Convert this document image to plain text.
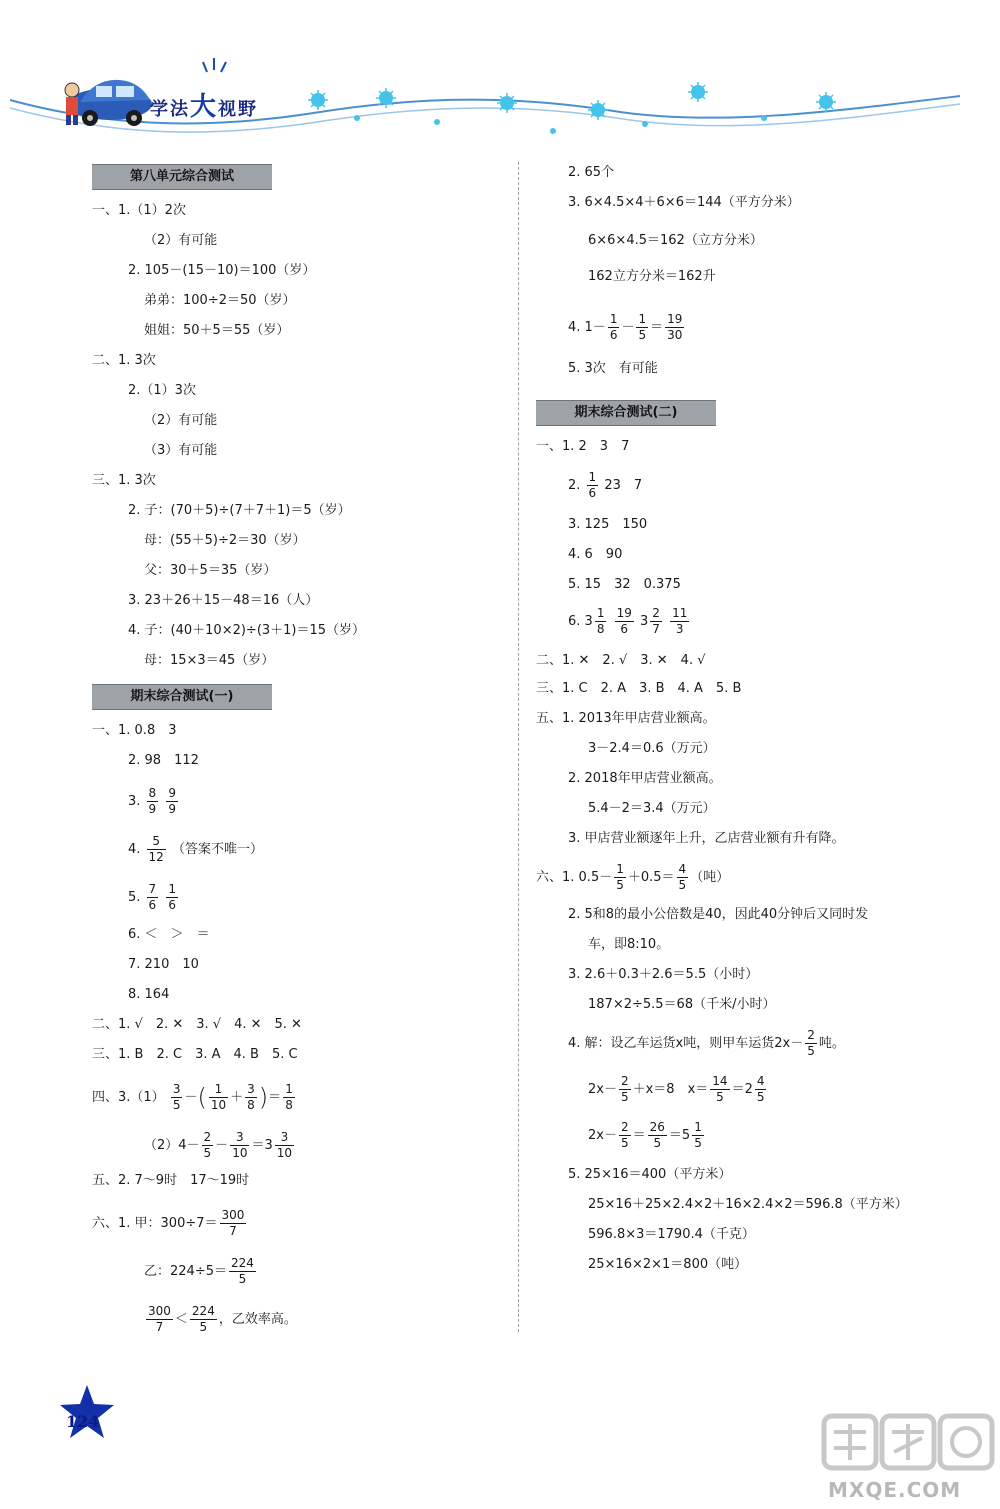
学法大视野
第八单元综合测试
一、1.（1）2次
（2）有可能
2. 105－(15－10)＝100（岁）
弟弟：100÷2＝50（岁）
姐姐：50＋5＝55（岁）
二、1. 3次
2.（1）3次
（2）有可能
（3）有可能
三、1. 3次
2. 子：(70＋5)÷(7＋7＋1)＝5（岁）
母：(55＋5)÷2＝30（岁）
父：30＋5＝35（岁）
3. 23＋26＋15－48＝16（人）
4. 子：(40＋10×2)÷(3＋1)＝15（岁）
母：15×3＝45（岁）
期末综合测试(一)
一、1. 0.8　3
2. 98　112
3. $\frac{8}{9}$
$\frac{9}{9}$
4. $\frac{5}{12}$ （答案不唯一）
5. $\frac{7}{6}$
$\frac{1}{6}$
6. ＜　＞　＝
7. 210　10
8. 164
二、1. √　2. ✕　3. √　4. ✕　5. ✕
三、1. B　2. C　3. A　4. B　5. C
四、$3.(1) \frac{3}{5}$ －( $\frac{1}{10} + \frac{3}{8}$ )＝ $\frac{1}{8}$
$(2)4- \frac{2}{5} - \frac{3}{10} =3 \frac{3}{10}$
五、2. 7～9时　17～19时
六、1. 甲：$300\div 7= \frac{300}{7}$
乙：$224\div 5= \frac{224}{5}$
$\frac{300}{7} < \frac{224}{5}$ ，乙效率高。
2. 65个
3. 6×4.5×4＋6×6＝144（平方分米）
6×6×4.5＝162（立方分米）
162立方分米＝162升
4. $1- \frac{1}{6} - \frac{1}{5} = \frac{19}{30}$
5. 3次　有可能
期末综合测试(二)
一、1. 2　3　7
2. $\frac{1}{6} 23$　7
3. 125　150
4. 6　90
5. 15　32　0.375
6. $3 \frac{1}{8}$
$\frac{19}{6} 3 \frac{2}{7}$
$\frac{11}{3}$
二、1. ✕　2. √　3. ✕　4. √
三、1. C　2. A　3. B　4. A　5. B
五、1. 2013年甲店营业额高。
3－2.4＝0.6（万元）
2. 2018年甲店营业额高。
5.4－2＝3.4（万元）
3. 甲店营业额逐年上升，乙店营业额有升有降。
六、1. $0.5- \frac{1}{5} +0.5= \frac{4}{5}$ （吨）
2. 5和8的最小公倍数是40，因此40分钟后又同时发
车，即8:10。
3. 2.6＋0.3＋2.6＝5.5（小时）
187×2÷5.5＝68（千米/小时）
4. 解：设乙车运货x吨，则甲车运货$2x- \frac{2}{5}$ 吨。
$2x- \frac{2}{5} +x=8$　$x= \frac{14}{5} =2 \frac{4}{5}$
$2x- \frac{2}{5} = \frac{26}{5} =5 \frac{1}{5}$
5. 25×16＝400（平方米）
25×16＋25×2.4×2＋16×2.4×2＝596.8（平方米）
596.8×3＝1790.4（千克）
25×16×2×1＝800（吨）
124
MXQE.COM
